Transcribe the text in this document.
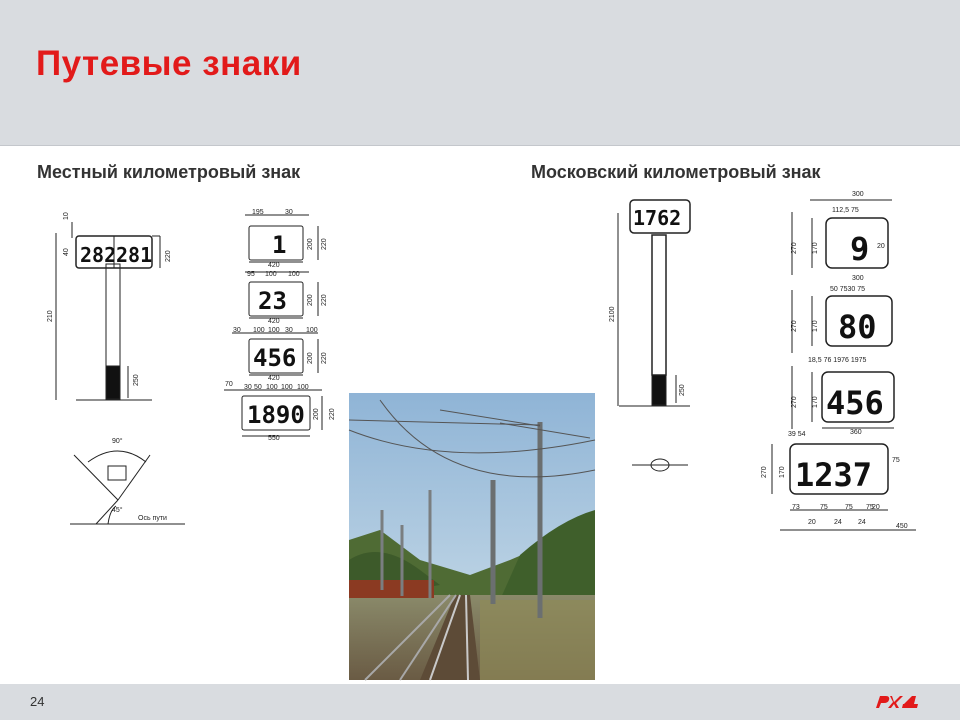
Путевые знаки
Местный километровый знак	Московский километровый знак
282 281
10
40
210
220
250
90°
45°
Ось пути
1
195	30
420
200 220
23
95 100 100
420
200 220
456
30 100 100 30 100
420
200 220
1890
70 30 50 100 100 100
550
200 220
1762
2100
250
9
300
112,5 75
270 170	20
80
300
50 7530 75
270 170
456
18,5 76 1976 1975
270 170
360
1237
39 54
270 170
75
73	75 75 75
20
20
24 24
450
24
